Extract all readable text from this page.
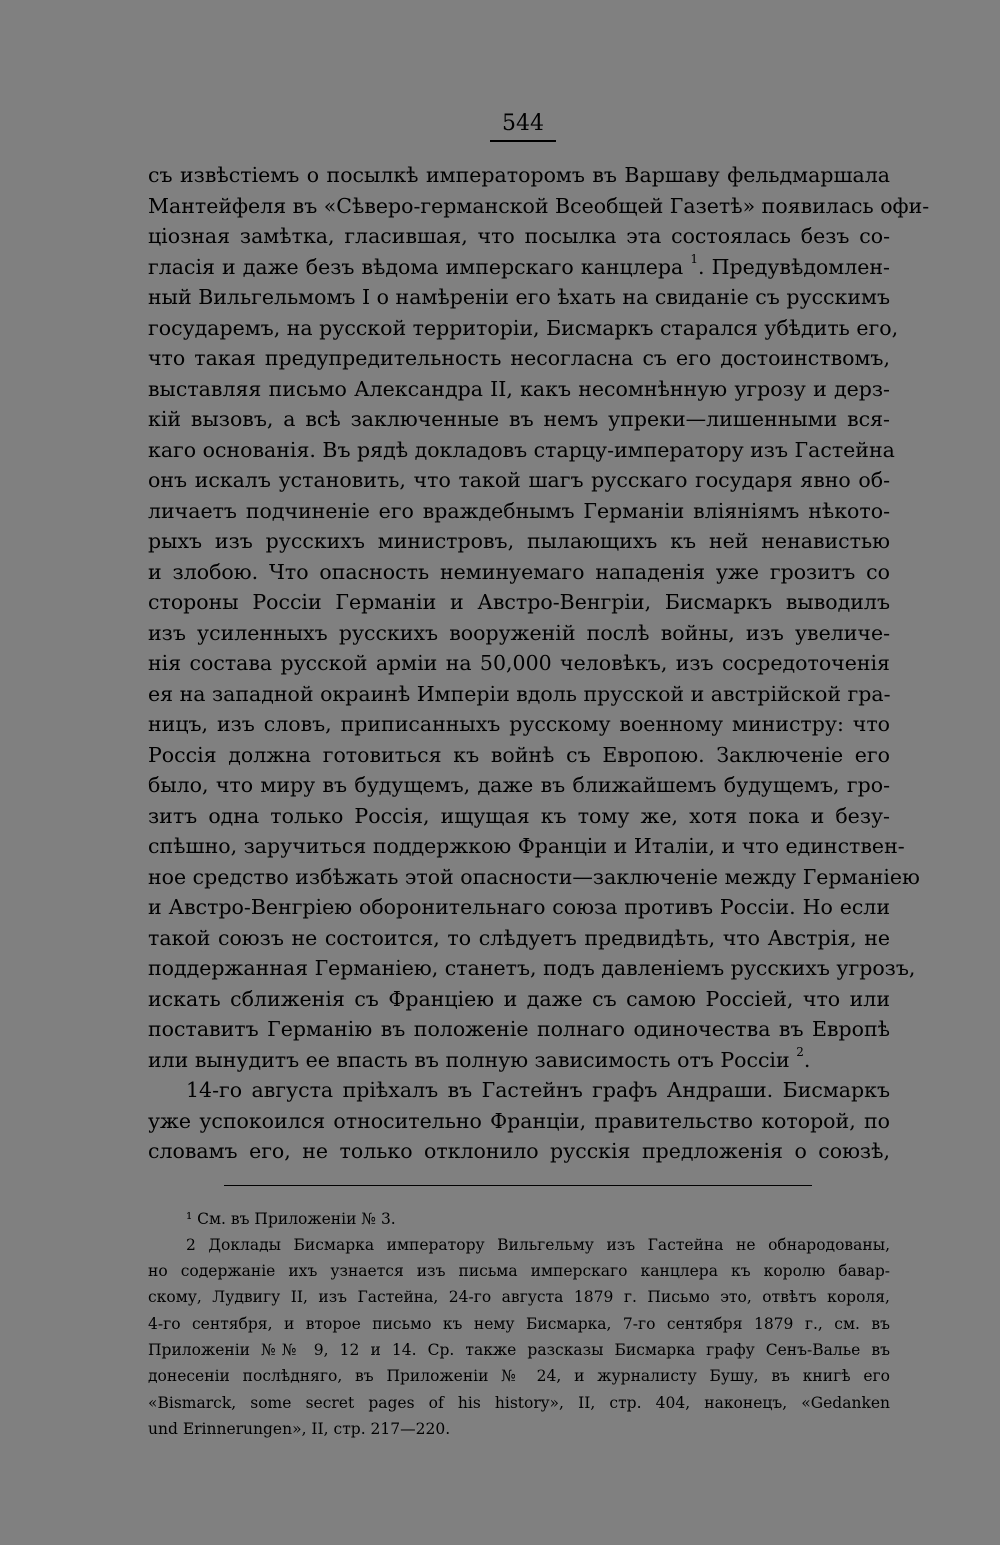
544
съ извѣстіемъ о посылкѣ императоромъ въ Варшаву фельдмаршала
Мантейфеля въ «Сѣверо-германской Всеобщей Газетѣ» появилась офи-
ціозная замѣтка, гласившая, что посылка эта состоялась безъ со-
гласія и даже безъ вѣдома имперскаго канцлера $^1$. Предувѣдомлен-
ный Вильгельмомъ I о намѣреніи его ѣхать на свиданіе съ русскимъ
государемъ, на русской территоріи, Бисмаркъ старался убѣдить его,
что такая предупредительность несогласна съ его достоинствомъ,
выставляя письмо Александра II, какъ несомнѣнную угрозу и дерз-
кій вызовъ, а всѣ заключенные въ немъ упреки—лишенными вся-
каго основанія. Въ рядѣ докладовъ старцу-императору изъ Гастейна
онъ искалъ установить, что такой шагъ русскаго государя явно об-
личаетъ подчиненіе его враждебнымъ Германіи вліяніямъ нѣкото-
рыхъ изъ русскихъ министровъ, пылающихъ къ ней ненавистью
и злобою. Что опасность неминуемаго нападенія уже грозитъ со
стороны Россіи Германіи и Австро-Венгріи, Бисмаркъ выводилъ
изъ усиленныхъ русскихъ вооруженій послѣ войны, изъ увеличе-
нія состава русской арміи на 50,000 человѣкъ, изъ сосредоточенія
ея на западной окраинѣ Имперіи вдоль прусской и австрійской гра-
ницъ, изъ словъ, приписанныхъ русскому военному министру: что
Россія должна готовиться къ войнѣ съ Европою. Заключеніе его
было, что миру въ будущемъ, даже въ ближайшемъ будущемъ, гро-
зитъ одна только Россія, ищущая къ тому же, хотя пока и безу-
спѣшно, заручиться поддержкою Франціи и Италіи, и что единствен-
ное средство избѣжать этой опасности—заключеніе между Германіею
и Австро-Венгріею оборонительнаго союза противъ Россіи. Но если
такой союзъ не состоится, то слѣдуетъ предвидѣть, что Австрія, не
поддержанная Германіею, станетъ, подъ давленіемъ русскихъ угрозъ,
искать сближенія съ Франціею и даже съ самою Россіей, что или
поставитъ Германію въ положеніе полнаго одиночества въ Европѣ
или вынудитъ ее впасть въ полную зависимость отъ Россіи $^2$.
14-го августа пріѣхалъ въ Гастейнъ графъ Андраши. Бисмаркъ
уже успокоился относительно Франціи, правительство которой, по
словамъ его, не только отклонило русскія предложенія о союзѣ,
¹ См. въ Приложеніи № 3.
2 Доклады Бисмарка императору Вильгельму изъ Гастейна не обнародованы,
но содержаніе ихъ узнается изъ письма имперскаго канцлера къ королю бавар-
скому, Лудвигу II, изъ Гастейна, 24-го августа 1879 г. Письмо это, отвѣтъ короля,
4-го сентября, и второе письмо къ нему Бисмарка, 7-го сентября 1879 г., см. въ
Приложеніи №№ 9, 12 и 14. Ср. также разсказы Бисмарка графу Сенъ-Валье въ
донесеніи послѣдняго, въ Приложеніи № 24, и журналисту Бушу, въ книгѣ его
«Bismarck, some secret pages of his history», II, стр. 404, наконецъ, «Gedanken
und Erinnerungen», II, стр. 217—220.
